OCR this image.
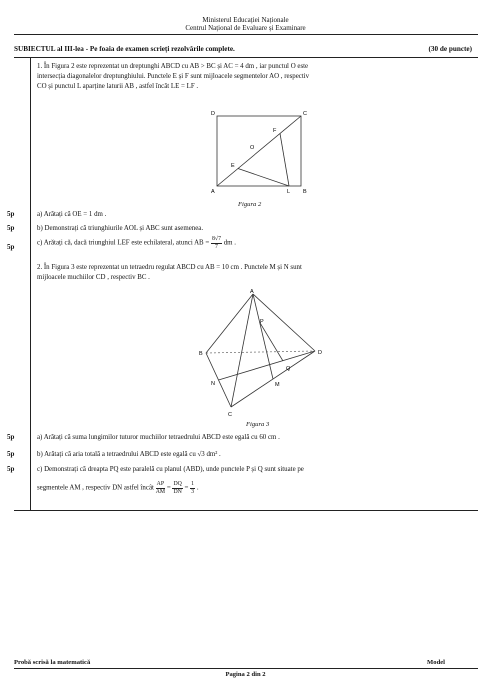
Ministerul Educației Naționale
Centrul Național de Evaluare și Examinare
SUBIECTUL al III-lea - Pe foaia de examen scrieți rezolvările complete.	(30 de puncte)
1. În Figura 2 este reprezentat un dreptunghi ABCD cu AB > BC și AC = 4 dm , iar punctul O este
intersecția diagonalelor dreptunghiului. Punctele E și F sunt mijloacele segmentelor AO , respectiv
CO și punctul L aparține laturii AB , astfel încât LE = LF .
D	C
A	B
L
O
E
F
Figura 2
5p	a) Arătați că OE = 1 dm .
5p	b) Demonstrați că triunghiurile AOL și ABC sunt asemenea.
5p	c) Arătați că, dacă triunghiul LEF este echilateral, atunci AB = $\frac{8√7}{7}$ dm .
2. În Figura 3 este reprezentat un tetraedru regulat ABCD cu AB = 10 cm . Punctele M și N sunt
mijloacele muchiilor CD , respectiv BC .
A
B
C
D
M
N
P
Q
Figura 3
5p	a) Arătați că suma lungimilor tuturor muchiilor tetraedrului ABCD este egală cu 60 cm .
5p	b) Arătați că aria totală a tetraedrului ABCD este egală cu √3 dm² .
5p	c) Demonstrați că dreapta PQ este paralelă cu planul (ABD), unde punctele P și Q sunt situate pe
segmentele AM , respectiv DN astfel încât $\frac{AP}{AM} = \frac{DQ}{DN} = \frac{1}{3}$ .
Probă scrisă la matematică
Pagina 2 din 2
Model
